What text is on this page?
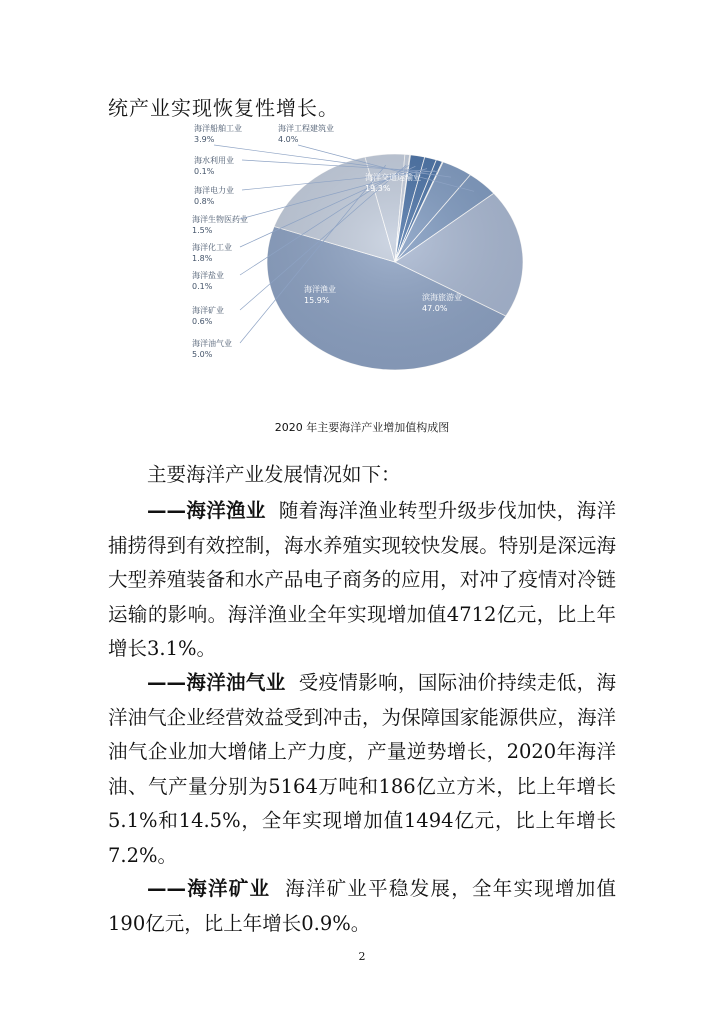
统产业实现恢复性增长。
滨海旅游业
47.0%
海洋渔业
15.9%
海洋油气业
5.0%
海洋矿业
0.6%
海洋盐业
0.1%
海洋化工业
1.8%
海洋生物医药业
1.5%
海洋电力业
0.8%
海水利用业
0.1%
海洋船舶工业
3.9%
海洋工程建筑业
4.0%
海洋交通运输业
19.3%
2020 年主要海洋产业增加值构成图
主要海洋产业发展情况如下：
——海洋渔业 随着海洋渔业转型升级步伐加快，海洋捕捞得到有效控制，海水养殖实现较快发展。特别是深远海大型养殖装备和水产品电子商务的应用，对冲了疫情对冷链运输的影响。海洋渔业全年实现增加值4712亿元，比上年增长3.1%。
——海洋油气业 受疫情影响，国际油价持续走低，海洋油气企业经营效益受到冲击，为保障国家能源供应，海洋油气企业加大增储上产力度，产量逆势增长，2020年海洋油、气产量分别为5164万吨和186亿立方米，比上年增长5.1%和14.5%，全年实现增加值1494亿元，比上年增长7.2%。
——海洋矿业 海洋矿业平稳发展，全年实现增加值190亿元，比上年增长0.9%。
2
